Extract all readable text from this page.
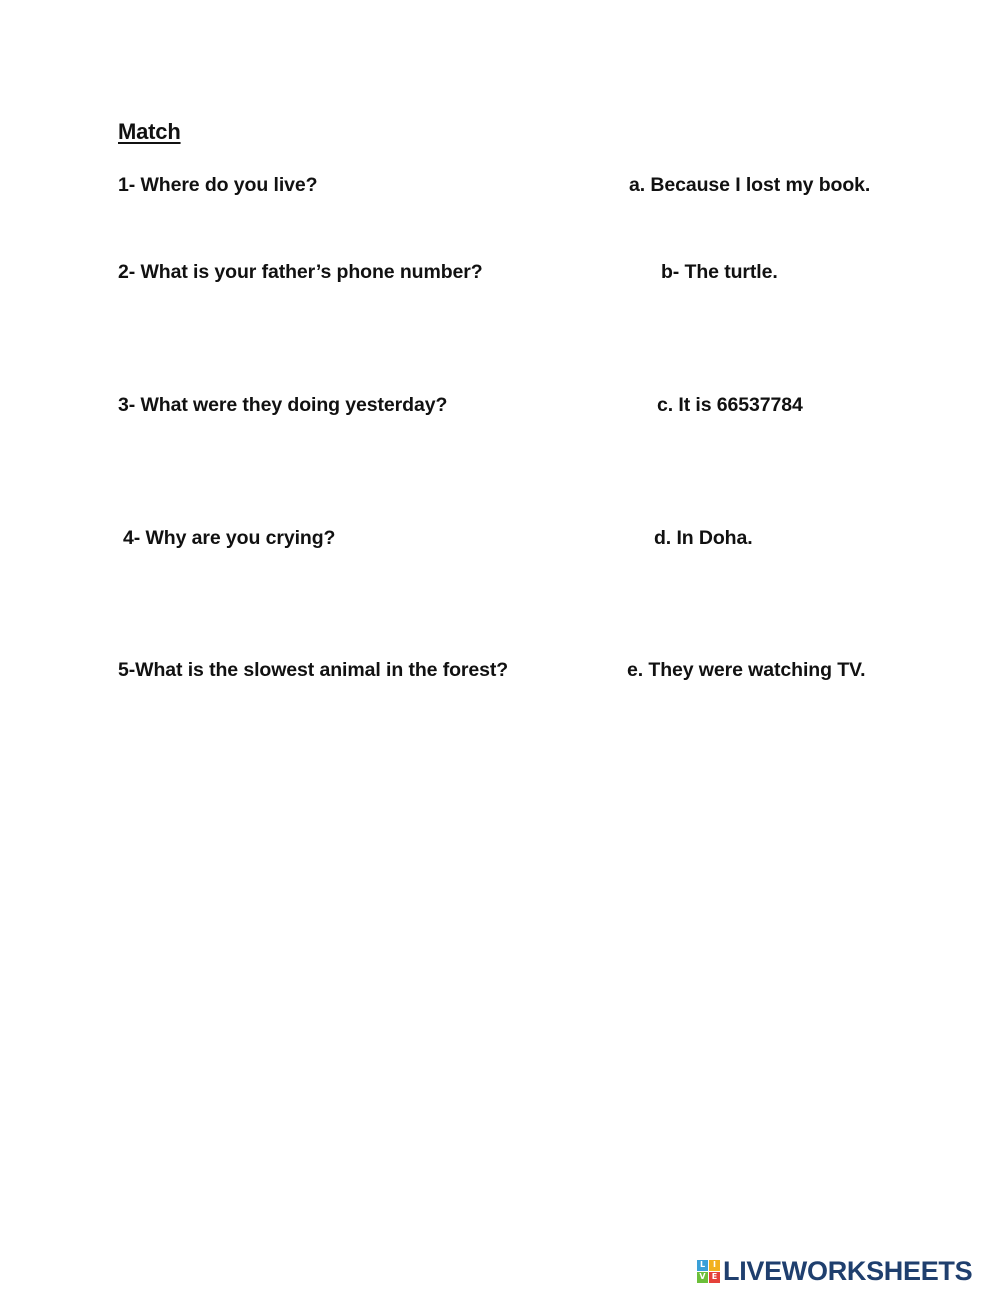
Match
1- Where do you live?
2- What is your father’s phone number?
3- What were they doing yesterday?
4- Why are you crying?
5-What is the slowest animal in the forest?
a. Because I lost my book.
b- The turtle.
c. It is 66537784
d. In Doha.
e. They were watching TV.
L I
V E LIVEWORKSHEETS
